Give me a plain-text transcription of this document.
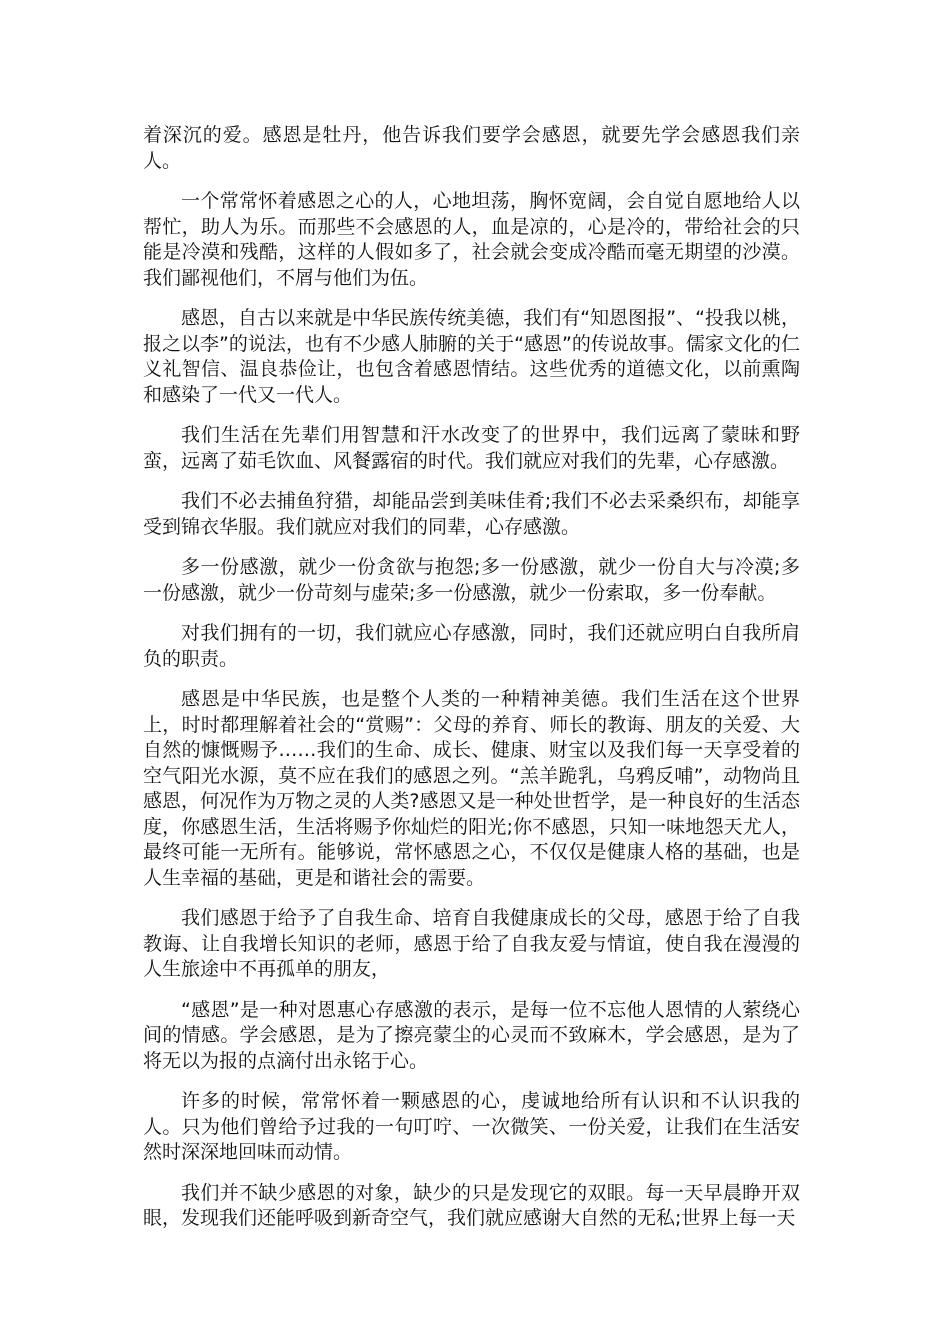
着深沉的爱。感恩是牡丹，他告诉我们要学会感恩，就要先学会感恩我们亲人。

一个常常怀着感恩之心的人，心地坦荡，胸怀宽阔，会自觉自愿地给人以帮忙，助人为乐。而那些不会感恩的人，血是凉的，心是冷的，带给社会的只能是冷漠和残酷，这样的人假如多了，社会就会变成冷酷而毫无期望的沙漠。我们鄙视他们，不屑与他们为伍。

感恩，自古以来就是中华民族传统美德，我们有“知恩图报”、“投我以桃，报之以李”的说法，也有不少感人肺腑的关于“感恩”的传说故事。儒家文化的仁义礼智信、温良恭俭让，也包含着感恩情结。这些优秀的道德文化，以前熏陶和感染了一代又一代人。

我们生活在先辈们用智慧和汗水改变了的世界中，我们远离了蒙昧和野蛮，远离了茹毛饮血、风餐露宿的时代。我们就应对我们的先辈，心存感激。

我们不必去捕鱼狩猎，却能品尝到美味佳肴;我们不必去采桑织布，却能享受到锦衣华服。我们就应对我们的同辈，心存感激。

多一份感激，就少一份贪欲与抱怨;多一份感激，就少一份自大与冷漠;多一份感激，就少一份苛刻与虚荣;多一份感激，就少一份索取，多一份奉献。

对我们拥有的一切，我们就应心存感激，同时，我们还就应明白自我所肩负的职责。

感恩是中华民族，也是整个人类的一种精神美德。我们生活在这个世界上，时时都理解着社会的“赏赐”：父母的养育、师长的教诲、朋友的关爱、大自然的慷慨赐予……我们的生命、成长、健康、财宝以及我们每一天享受着的空气阳光水源，莫不应在我们的感恩之列。“羔羊跪乳，乌鸦反哺”，动物尚且感恩，何况作为万物之灵的人类?感恩又是一种处世哲学，是一种良好的生活态度，你感恩生活，生活将赐予你灿烂的阳光;你不感恩，只知一味地怨天尤人，最终可能一无所有。能够说，常怀感恩之心，不仅仅是健康人格的基础，也是人生幸福的基础，更是和谐社会的需要。

我们感恩于给予了自我生命、培育自我健康成长的父母，感恩于给了自我教诲、让自我增长知识的老师，感恩于给了自我友爱与情谊，使自我在漫漫的人生旅途中不再孤单的朋友，

“感恩”是一种对恩惠心存感激的表示，是每一位不忘他人恩情的人萦绕心间的情感。学会感恩，是为了擦亮蒙尘的心灵而不致麻木，学会感恩，是为了将无以为报的点滴付出永铭于心。

许多的时候，常常怀着一颗感恩的心，虔诚地给所有认识和不认识我的人。只为他们曾给予过我的一句叮咛、一次微笑、一份关爱，让我们在生活安然时深深地回味而动情。

我们并不缺少感恩的对象，缺少的只是发现它的双眼。每一天早晨睁开双眼，发现我们还能呼吸到新奇空气，我们就应感谢大自然的无私;世界上每一天
